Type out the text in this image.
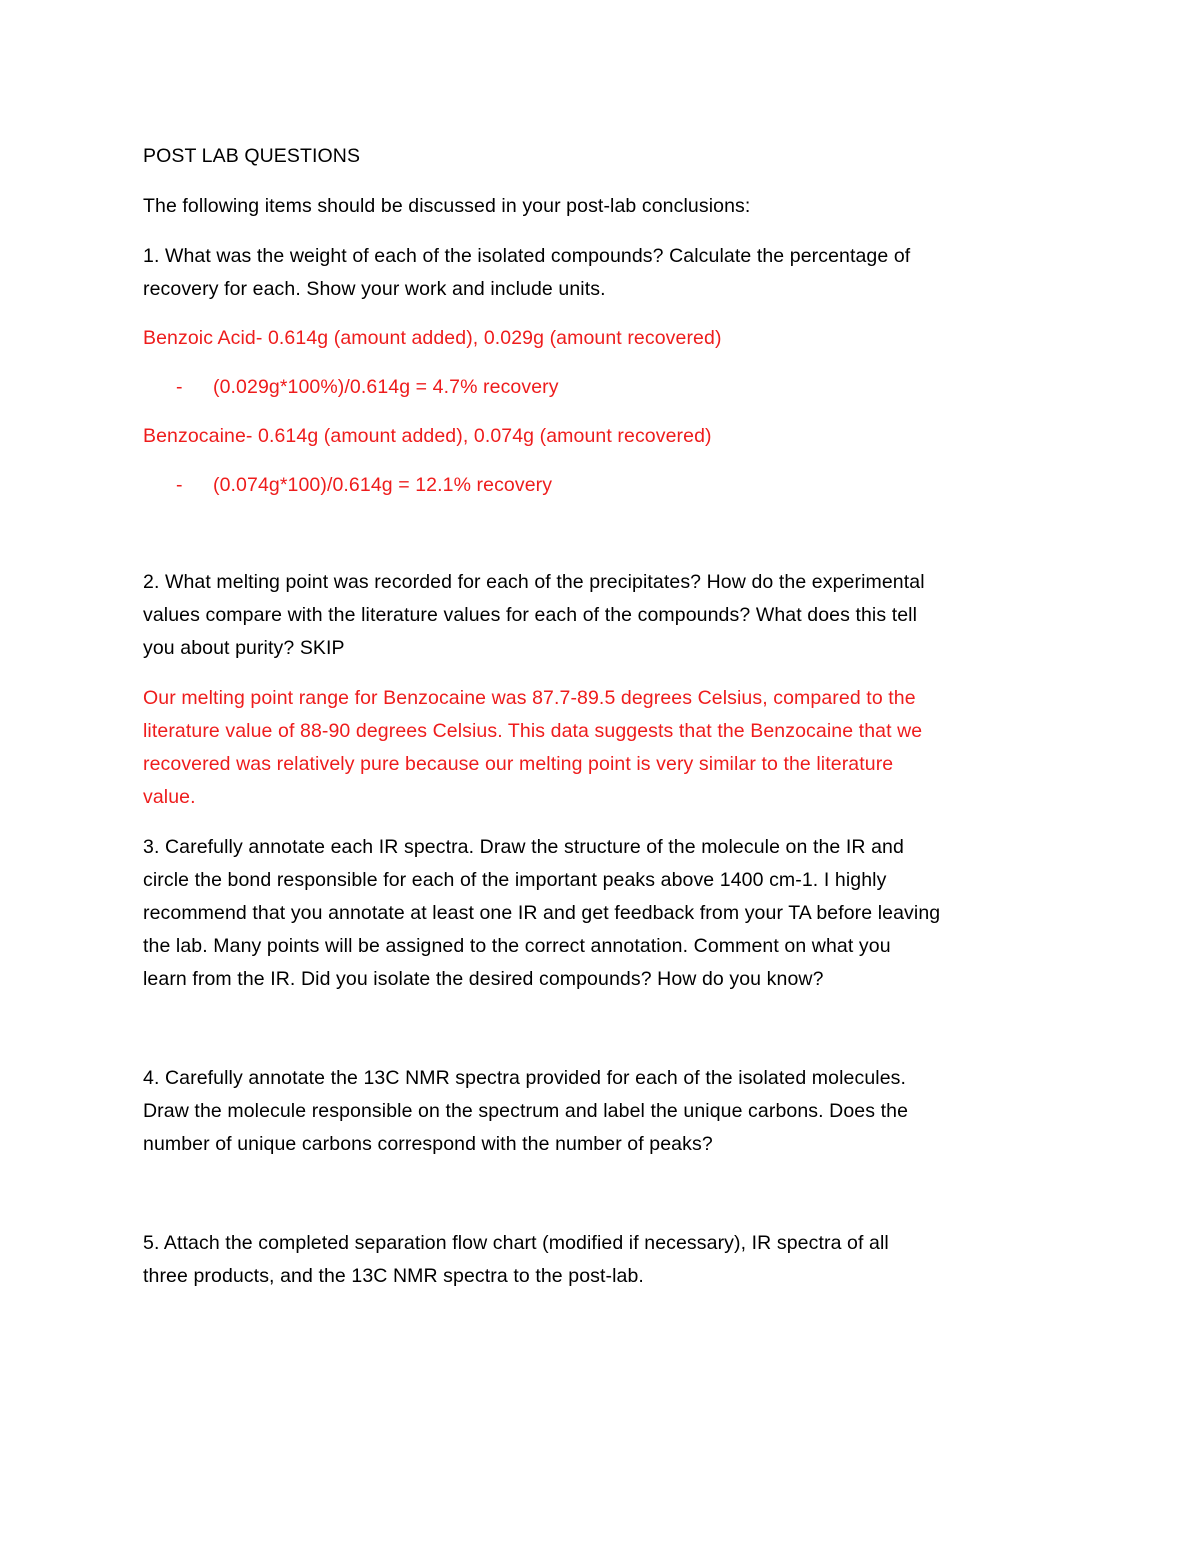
POST LAB QUESTIONS
The following items should be discussed in your post-lab conclusions:
1. What was the weight of each of the isolated compounds? Calculate the percentage of
recovery for each. Show your work and include units.
Benzoic Acid- 0.614g (amount added), 0.029g (amount recovered)
- (0.029g*100%)/0.614g = 4.7% recovery
Benzocaine- 0.614g (amount added), 0.074g (amount recovered)
- (0.074g*100)/0.614g = 12.1% recovery
2. What melting point was recorded for each of the precipitates? How do the experimental
values compare with the literature values for each of the compounds? What does this tell
you about purity? SKIP
Our melting point range for Benzocaine was 87.7-89.5 degrees Celsius, compared to the
literature value of 88-90 degrees Celsius. This data suggests that the Benzocaine that we
recovered was relatively pure because our melting point is very similar to the literature
value.
3. Carefully annotate each IR spectra. Draw the structure of the molecule on the IR and
circle the bond responsible for each of the important peaks above 1400 cm-1. I highly
recommend that you annotate at least one IR and get feedback from your TA before leaving
the lab. Many points will be assigned to the correct annotation. Comment on what you
learn from the IR. Did you isolate the desired compounds? How do you know?
4. Carefully annotate the 13C NMR spectra provided for each of the isolated molecules.
Draw the molecule responsible on the spectrum and label the unique carbons. Does the
number of unique carbons correspond with the number of peaks?
5. Attach the completed separation flow chart (modified if necessary), IR spectra of all
three products, and the 13C NMR spectra to the post-lab.
